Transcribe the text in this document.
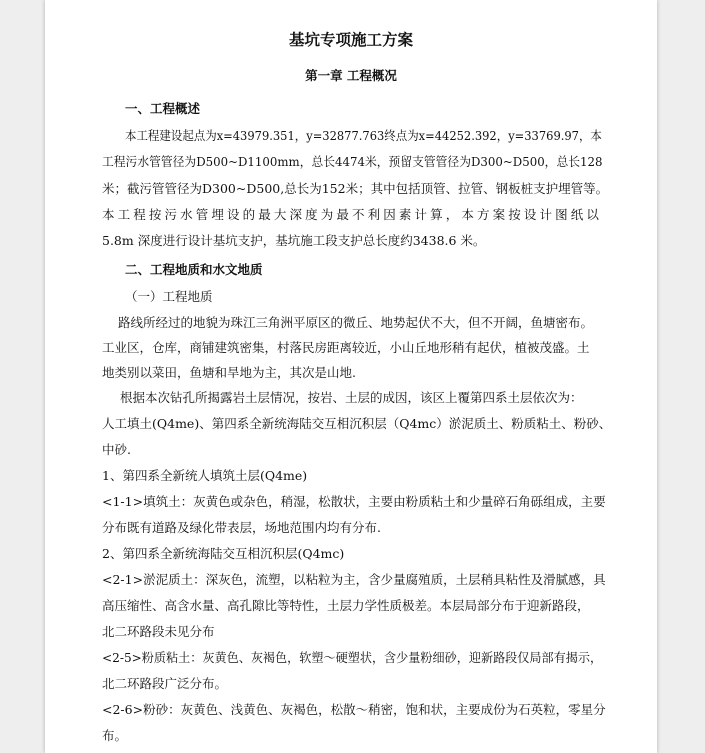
基坑专项施工方案
第一章 工程概况
一、工程概述
本工程建设起点为x=43979.351，y=32877.763终点为x=44252.392，y=33769.97，本
工程污水管管径为D500~D1100mm，总长4474米，预留支管管径为D300~D500，总长128
米；截污管管径为D300~D500,总长为152米；其中包括顶管、拉管、钢板桩支护埋管等。
本 工 程 按 污 水 管 埋 设 的 最 大 深 度 为 最 不 利 因 素 计 算 ， 本 方 案 按 设 计 图 纸 以
5.8m 深度进行设计基坑支护，基坑施工段支护总长度约3438.6 米。
二、工程地质和水文地质
（一）工程地质
路线所经过的地貌为珠江三角洲平原区的微丘、地势起伏不大，但不开阔，鱼塘密布。
工业区，仓库，商铺建筑密集，村落民房距离较近，小山丘地形稍有起伏，植被茂盛。土
地类别以菜田，鱼塘和旱地为主，其次是山地.
根据本次钻孔所揭露岩土层情况，按岩、土层的成因，该区上覆第四系土层依次为：
人工填土(Q4me)、第四系全新统海陆交互相沉积层（Q4mc）淤泥质土、粉质粘土、粉砂、
中砂.
1、第四系全新统人填筑土层(Q4me)
<1-1>填筑土：灰黄色或杂色，稍湿，松散状，主要由粉质粘土和少量碎石角砾组成，主要
分布既有道路及绿化带表层，场地范围内均有分布.
2、第四系全新统海陆交互相沉积层(Q4mc)
<2-1>淤泥质土：深灰色，流塑，以粘粒为主，含少量腐殖质，土层稍具粘性及滑腻感，具
高压缩性、高含水量、高孔隙比等特性，土层力学性质极差。本层局部分布于迎新路段，
北二环路段未见分布
<2-5>粉质粘土：灰黄色、灰褐色，软塑～硬塑状，含少量粉细砂，迎新路段仅局部有揭示，
北二环路段广泛分布。
<2-6>粉砂：灰黄色、浅黄色、灰褐色，松散～稍密，饱和状，主要成份为石英粒，零星分
布。
